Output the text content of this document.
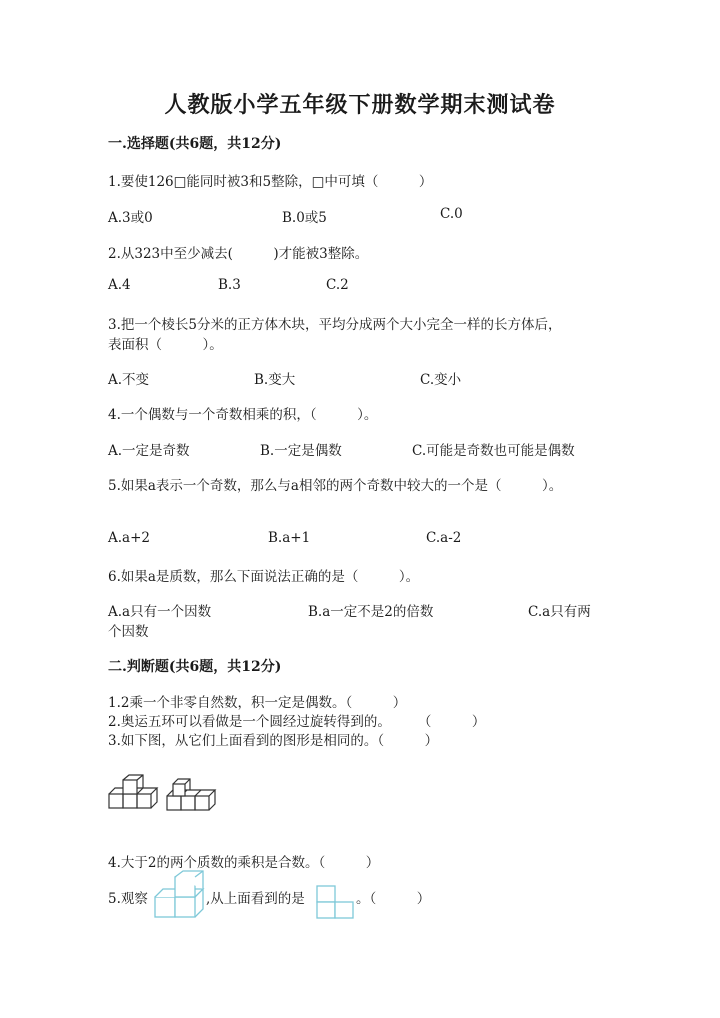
人教版小学五年级下册数学期末测试卷
一.选择题(共6题，共12分)
1.要使126□能同时被3和5整除，□中可填（　　　）
A.3或0	B.0或5	C.0
2.从323中至少减去(　　　)才能被3整除。
A.4	B.3	C.2
3.把一个棱长5分米的正方体木块，平均分成两个大小完全一样的长方体后，
表面积（　　　）。
A.不变	B.变大	C.变小
4.一个偶数与一个奇数相乘的积，（　　　）。
A.一定是奇数	B.一定是偶数	C.可能是奇数也可能是偶数
5.如果a表示一个奇数，那么与a相邻的两个奇数中较大的一个是（　　　）。
A.a+2	B.a+1	C.a-2
6.如果a是质数，那么下面说法正确的是（　　　）。
A.a只有一个因数	B.a一定不是2的倍数	C.a只有两
个因数
二.判断题(共6题，共12分)
1.2乘一个非零自然数，积一定是偶数。（　　　）
2.奥运五环可以看做是一个圆经过旋转得到的。　　　（　　　）
3.如下图，从它们上面看到的图形是相同的。（　　　）
4.大于2的两个质数的乘积是合数。（　　　）
5.观察	,从上面看到的是	。（　　　）
